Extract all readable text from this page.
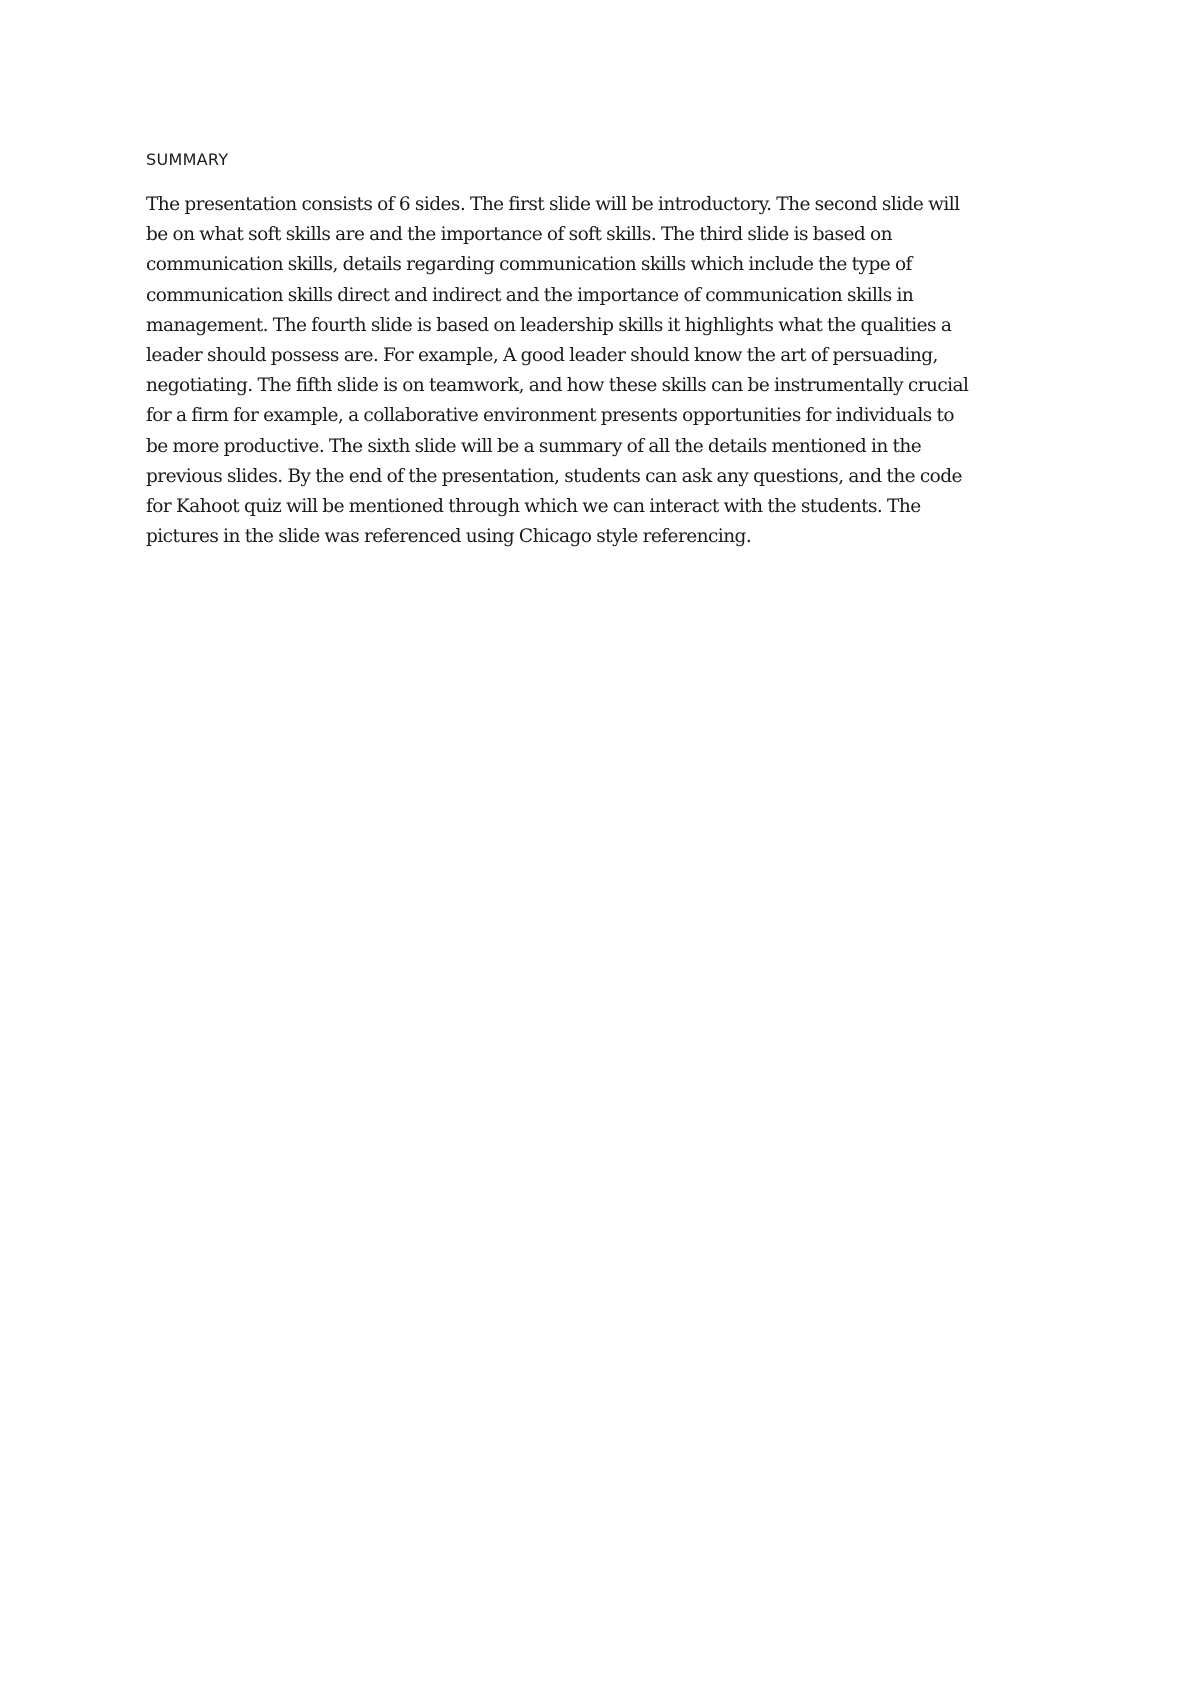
SUMMARY

The presentation consists of 6 sides. The first slide will be introductory. The second slide will
be on what soft skills are and the importance of soft skills. The third slide is based on
communication skills, details regarding communication skills which include the type of
communication skills direct and indirect and the importance of communication skills in
management. The fourth slide is based on leadership skills it highlights what the qualities a
leader should possess are. For example, A good leader should know the art of persuading,
negotiating. The fifth slide is on teamwork, and how these skills can be instrumentally crucial
for a firm for example, a collaborative environment presents opportunities for individuals to
be more productive. The sixth slide will be a summary of all the details mentioned in the
previous slides. By the end of the presentation, students can ask any questions, and the code
for Kahoot quiz will be mentioned through which we can interact with the students. The
pictures in the slide was referenced using Chicago style referencing.
